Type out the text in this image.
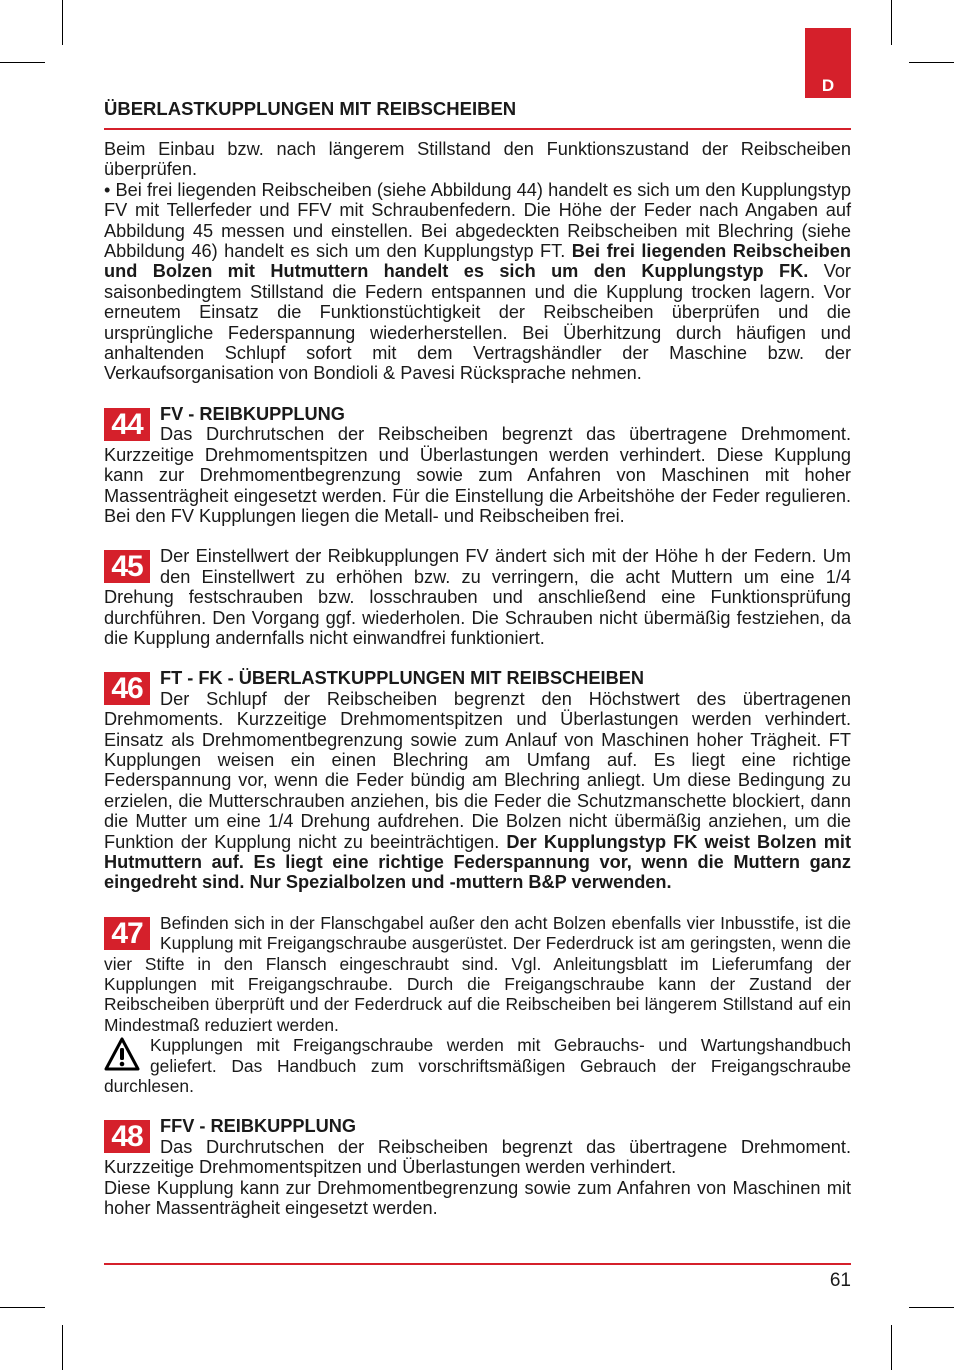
D
ÜBERLASTKUPPLUNGEN MIT REIBSCHEIBEN

Beim Einbau bzw. nach längerem Stillstand den Funktionszustand der Reibscheiben überprüfen.

• Bei frei liegenden Reibscheiben (siehe Abbildung 44) handelt es sich um den Kupplungstyp FV mit Tellerfeder und FFV mit Schraubenfedern. Die Höhe der Feder nach Angaben auf Abbildung 45 messen und einstellen. Bei abgedeckten Reibscheiben mit Blechring (siehe Abbildung 46) handelt es sich um den Kupplungstyp FT. Bei frei liegenden Reibscheiben und Bolzen mit Hutmuttern handelt es sich um den Kupplungstyp FK. Vor saisonbedingtem Stillstand die Federn entspannen und die Kupplung trocken lagern. Vor erneutem Einsatz die Funktionstüchtigkeit der Reibscheiben überprüfen und die ursprüngliche Federspannung wiederherstellen. Bei Überhitzung durch häufigen und anhaltenden Schlupf sofort mit dem Vertragshändler der Maschine bzw. der Verkaufsorganisation von Bondioli & Pavesi Rücksprache nehmen.

44 FV - REIBKUPPLUNG
Das Durchrutschen der Reibscheiben begrenzt das übertragene Drehmoment. Kurzzeitige Drehmomentspitzen und Überlastungen werden verhindert. Diese Kupplung kann zur Drehmomentbegrenzung sowie zum Anfahren von Maschinen mit hoher Massenträgheit eingesetzt werden. Für die Einstellung die Arbeitshöhe der Feder regulieren. Bei den FV Kupplungen liegen die Metall- und Reibscheiben frei.

45 Der Einstellwert der Reibkupplungen FV ändert sich mit der Höhe h der Federn. Um den Einstellwert zu erhöhen bzw. zu verringern, die acht Muttern um eine 1/4 Drehung festschrauben bzw. losschrauben und anschließend eine Funktionsprüfung durchführen. Den Vorgang ggf. wiederholen. Die Schrauben nicht übermäßig festziehen, da die Kupplung andernfalls nicht einwandfrei funktioniert.

46 FT - FK - ÜBERLASTKUPPLUNGEN MIT REIBSCHEIBEN
Der Schlupf der Reibscheiben begrenzt den Höchstwert des übertragenen Drehmoments. Kurzzeitige Drehmomentspitzen und Überlastungen werden verhindert. Einsatz als Drehmomentbegrenzung sowie zum Anlauf von Maschinen hoher Trägheit. FT Kupplungen weisen ein einen Blechring am Umfang auf. Es liegt eine richtige Federspannung vor, wenn die Feder bündig am Blechring anliegt. Um diese Bedingung zu erzielen, die Mutterschrauben anziehen, bis die Feder die Schutzmanschette blockiert, dann die Mutter um eine 1/4 Drehung aufdrehen. Die Bolzen nicht übermäßig anziehen, um die Funktion der Kupplung nicht zu beeinträchtigen. Der Kupplungstyp FK weist Bolzen mit Hutmuttern auf. Es liegt eine richtige Federspannung vor, wenn die Muttern ganz eingedreht sind. Nur Spezialbolzen und -muttern B&P verwenden.

47 Befinden sich in der Flanschgabel außer den acht Bolzen ebenfalls vier Inbusstife, ist die Kupplung mit Freigangschraube ausgerüstet. Der Federdruck ist am geringsten, wenn die vier Stifte in den Flansch eingeschraubt sind. Vgl. Anleitungsblatt im Lieferumfang der Kupplungen mit Freigangschraube. Durch die Freigangschraube kann der Zustand der Reibscheiben überprüft und der Federdruck auf die Reibscheiben bei längerem Stillstand auf ein Mindestmaß reduziert werden.

Kupplungen mit Freigangschraube werden mit Gebrauchs- und Wartungshandbuch geliefert. Das Handbuch zum vorschriftsmäßigen Gebrauch der Freigangschraube durchlesen.

48 FFV - REIBKUPPLUNG
Das Durchrutschen der Reibscheiben begrenzt das übertragene Drehmoment. Kurzzeitige Drehmomentspitzen und Überlastungen werden verhindert.

Diese Kupplung kann zur Drehmomentbegrenzung sowie zum Anfahren von Maschinen mit hoher Massenträgheit eingesetzt werden.

61
